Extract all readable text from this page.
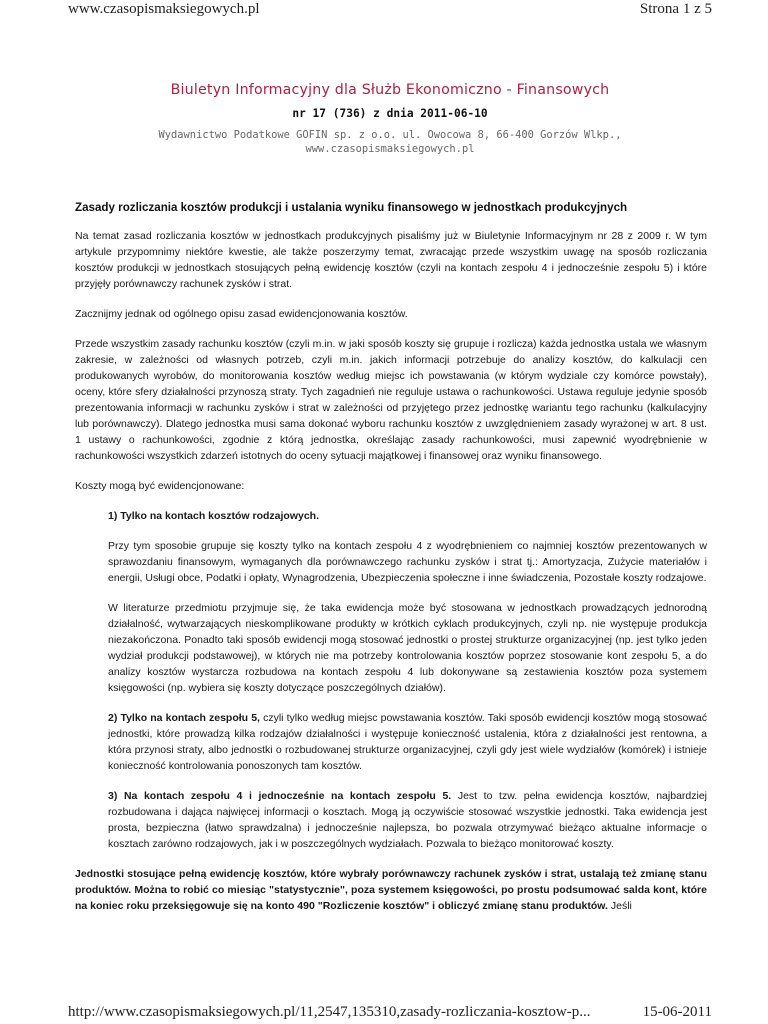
www.czasopismaksiegowych.pl	Strona 1 z 5
Biuletyn Informacyjny dla Służb Ekonomiczno - Finansowych
nr 17 (736) z dnia 2011-06-10
Wydawnictwo Podatkowe GOFIN sp. z o.o. ul. Owocowa 8, 66-400 Gorzów Wlkp.,
www.czasopismaksiegowych.pl
Zasady rozliczania kosztów produkcji i ustalania wyniku finansowego w jednostkach produkcyjnych

Na temat zasad rozliczania kosztów w jednostkach produkcyjnych pisaliśmy już w Biuletynie Informacyjnym nr 28 z 2009 r. W tym artykule przypomnimy niektóre kwestie, ale także poszerzymy temat, zwracając przede wszystkim uwagę na sposób rozliczania kosztów produkcji w jednostkach stosujących pełną ewidencję kosztów (czyli na kontach zespołu 4 i jednocześnie zespołu 5) i które przyjęły porównawczy rachunek zysków i strat.

Zacznijmy jednak od ogólnego opisu zasad ewidencjonowania kosztów.

Przede wszystkim zasady rachunku kosztów (czyli m.in. w jaki sposób koszty się grupuje i rozlicza) każda jednostka ustala we własnym zakresie, w zależności od własnych potrzeb, czyli m.in. jakich informacji potrzebuje do analizy kosztów, do kalkulacji cen produkowanych wyrobów, do monitorowania kosztów według miejsc ich powstawania (w którym wydziale czy komórce powstały), oceny, które sfery działalności przynoszą straty. Tych zagadnień nie reguluje ustawa o rachunkowości. Ustawa reguluje jedynie sposób prezentowania informacji w rachunku zysków i strat w zależności od przyjętego przez jednostkę wariantu tego rachunku (kalkulacyjny lub porównawczy). Dlatego jednostka musi sama dokonać wyboru rachunku kosztów z uwzględnieniem zasady wyrażonej w art. 8 ust. 1 ustawy o rachunkowości, zgodnie z którą jednostka, określając zasady rachunkowości, musi zapewnić wyodrębnienie w rachunkowości wszystkich zdarzeń istotnych do oceny sytuacji majątkowej i finansowej oraz wyniku finansowego.

Koszty mogą być ewidencjonowane:

1) Tylko na kontach kosztów rodzajowych.

Przy tym sposobie grupuje się koszty tylko na kontach zespołu 4 z wyodrębnieniem co najmniej kosztów prezentowanych w sprawozdaniu finansowym, wymaganych dla porównawczego rachunku zysków i strat tj.: Amortyzacja, Zużycie materiałów i energii, Usługi obce, Podatki i opłaty, Wynagrodzenia, Ubezpieczenia społeczne i inne świadczenia, Pozostałe koszty rodzajowe.

W literaturze przedmiotu przyjmuje się, że taka ewidencja może być stosowana w jednostkach prowadzących jednorodną działalność, wytwarzających nieskomplikowane produkty w krótkich cyklach produkcyjnych, czyli np. nie występuje produkcja niezakończona. Ponadto taki sposób ewidencji mogą stosować jednostki o prostej strukturze organizacyjnej (np. jest tylko jeden wydział produkcji podstawowej), w których nie ma potrzeby kontrolowania kosztów poprzez stosowanie kont zespołu 5, a do analizy kosztów wystarcza rozbudowa na kontach zespołu 4 lub dokonywane są zestawienia kosztów poza systemem księgowości (np. wybiera się koszty dotyczące poszczególnych działów).

2) Tylko na kontach zespołu 5, czyli tylko według miejsc powstawania kosztów. Taki sposób ewidencji kosztów mogą stosować jednostki, które prowadzą kilka rodzajów działalności i występuje konieczność ustalenia, która z działalności jest rentowna, a która przynosi straty, albo jednostki o rozbudowanej strukturze organizacyjnej, czyli gdy jest wiele wydziałów (komórek) i istnieje konieczność kontrolowania ponoszonych tam kosztów.

3) Na kontach zespołu 4 i jednocześnie na kontach zespołu 5. Jest to tzw. pełna ewidencja kosztów, najbardziej rozbudowana i dająca najwięcej informacji o kosztach. Mogą ją oczywiście stosować wszystkie jednostki. Taka ewidencja jest prosta, bezpieczna (łatwo sprawdzalna) i jednocześnie najlepsza, bo pozwala otrzymywać bieżąco aktualne informacje o kosztach zarówno rodzajowych, jak i w poszczególnych wydziałach. Pozwala to bieżąco monitorować koszty.

Jednostki stosujące pełną ewidencję kosztów, które wybrały porównawczy rachunek zysków i strat, ustalają też zmianę stanu produktów. Można to robić co miesiąc "statystycznie", poza systemem księgowości, po prostu podsumować salda kont, które na koniec roku przeksięgowuje się na konto 490 "Rozliczenie kosztów" i obliczyć zmianę stanu produktów. Jeśli

http://www.czasopismaksiegowych.pl/11,2547,135310,zasady-rozliczania-kosztow-p...	15-06-2011
